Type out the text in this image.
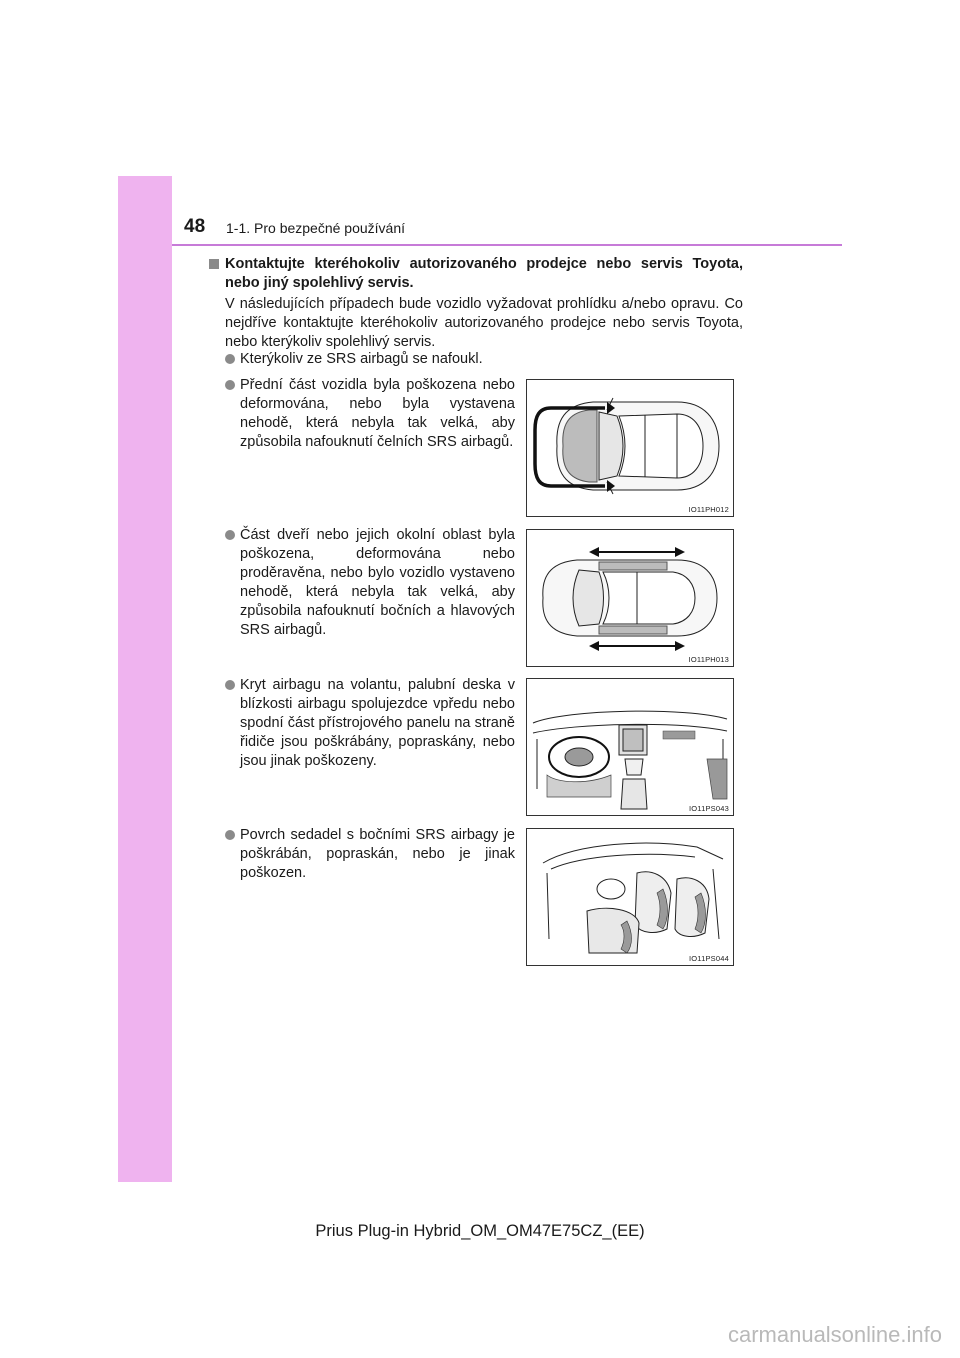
48 1-1. Pro bezpečné používání
Kontaktujte kteréhokoliv autorizovaného prodejce nebo servis Toyota, nebo jiný spolehlivý servis.
V následujících případech bude vozidlo vyžadovat prohlídku a/nebo opravu. Co nejdříve kontaktujte kteréhokoliv autorizovaného prodejce nebo servis Toyota, nebo kterýkoliv spolehlivý servis.
Kterýkoliv ze SRS airbagů se nafoukl.
Přední část vozidla byla poškozena nebo deformována, nebo byla vystavena nehodě, která nebyla tak velká, aby způsobila nafouknutí čelních SRS airbagů.
Část dveří nebo jejich okolní oblast byla poškozena, deformována nebo proděravěna, nebo bylo vozidlo vystaveno nehodě, která nebyla tak velká, aby způsobila nafouknutí bočních a hlavových SRS airbagů.
Kryt airbagu na volantu, palubní deska v blízkosti airbagu spolujezdce vpředu nebo spodní část přístrojového panelu na straně řidiče jsou poškrábány, popraskány, nebo jsou jinak poškozeny.
Povrch sedadel s bočními SRS airbagy je poškrábán, popraskán, nebo je jinak poškozen.
IO11PH012
IO11PH013
IO11PS043
IO11PS044
Prius Plug-in Hybrid_OM_OM47E75CZ_(EE)
carmanualsonline.info
